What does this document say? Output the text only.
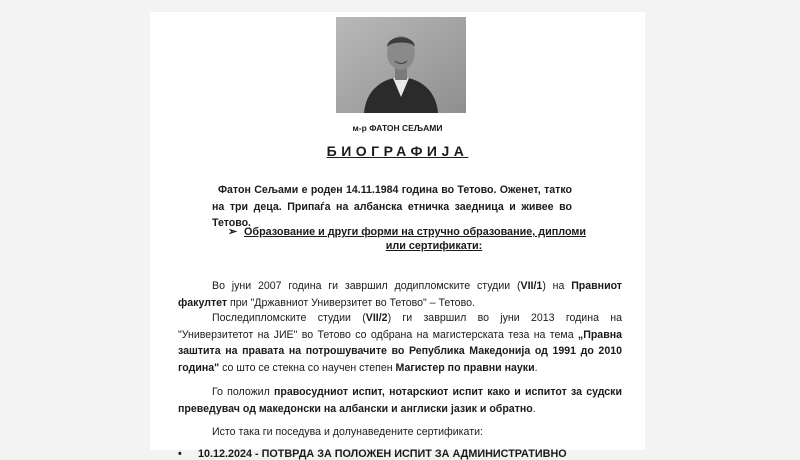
м-р ФАТОН СЕЉАМИ
БИОГРАФИЈА
Фатон Сељами е роден 14.11.1984 година во Тетово. Оженет, татко на три деца. Припаѓа на албанска етничка заедница и живее во Тетово.
➢ Образование и други форми на стручно образование, дипломи
или сертификати:
Во јуни 2007 година ги завршил додипломските студии (VII/1) на Правниот факултет при "Државниот Универзитет во Тетово" – Тетово.
Последипломските студии (VII/2) ги завршил во јуни 2013 година на "Универзитетот на ЈИЕ" во Тетово со одбрана на магистерската теза на тема „Правна заштита на правата на потрошувачите во Република Македонија од 1991 до 2010 година" со што се стекна со научен степен Магистер по правни науки.
Го положил правосудниот испит, нотарскиот испит како и испитот за судски преведувач од македонски на албански и англиски јазик и обратно.
Исто така ги поседува и долунаведените сертификати:
• 10.12.2024 - ПОТВРДА ЗА ПОЛОЖЕН ИСПИТ ЗА АДМИНИСТРАТИВНО
